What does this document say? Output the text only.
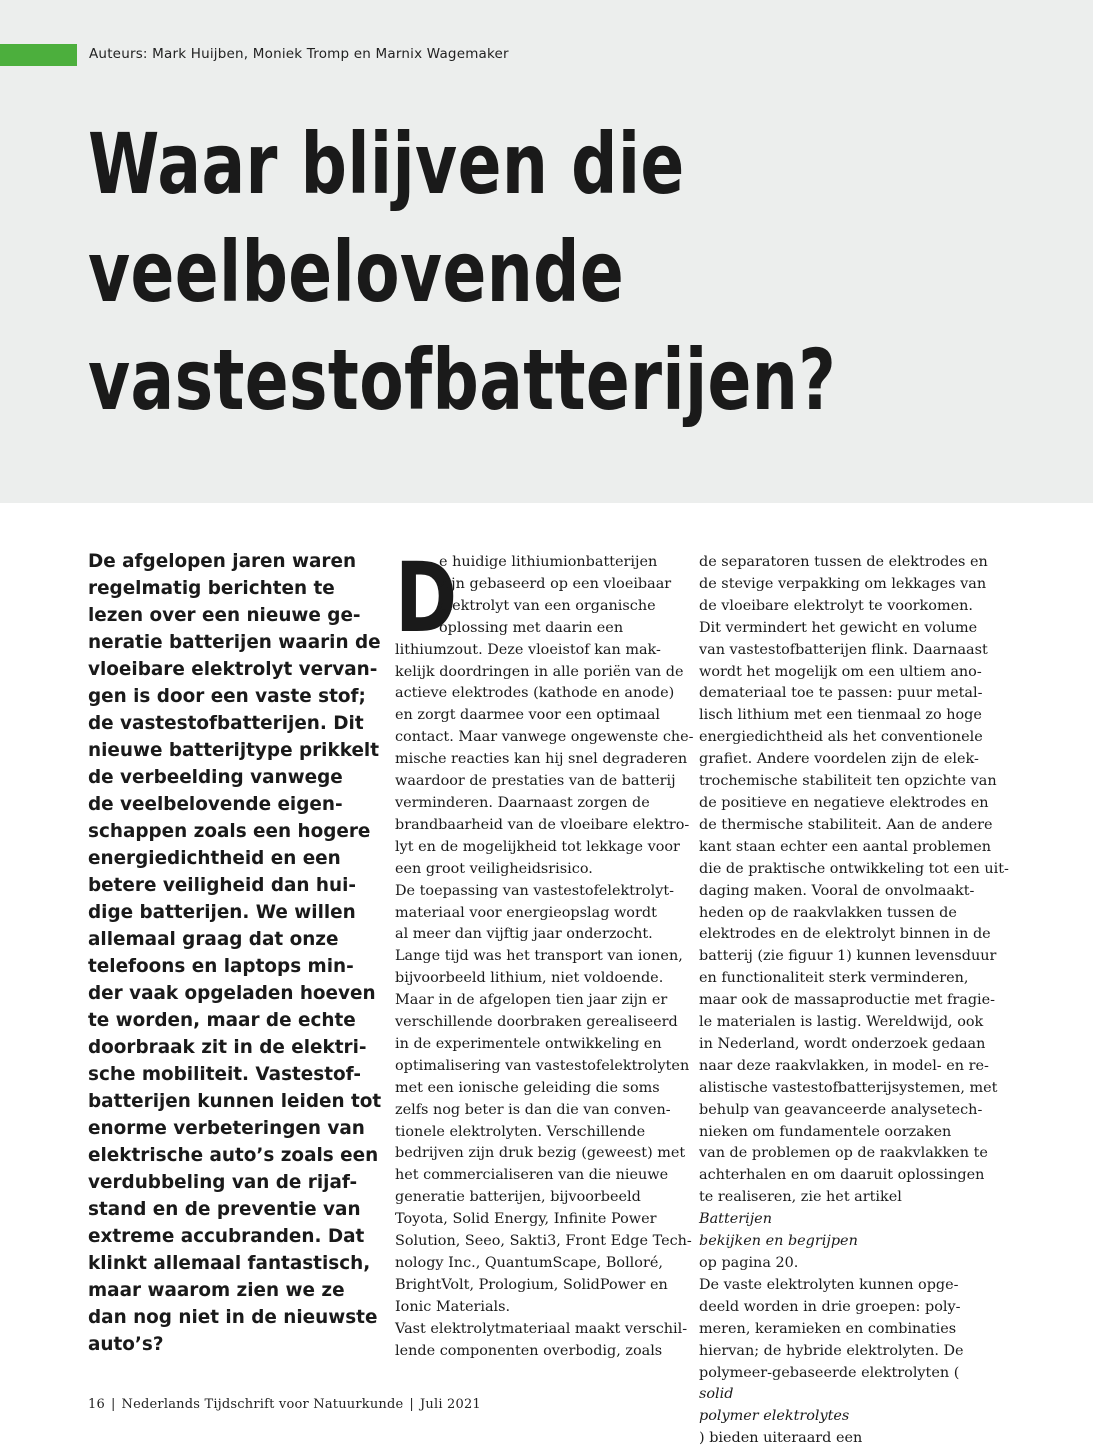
Auteurs: Mark Huijben, Moniek Tromp en Marnix Wagemaker
Waar blijven die
veelbelovende
vastestofbatterijen?
De afgelopen jaren waren
regelmatig berichten te
lezen over een nieuwe ge-
neratie batterijen waarin de
vloeibare elektrolyt vervan-
gen is door een vaste stof;
de vastestofbatterijen. Dit
nieuwe batterijtype prikkelt
de verbeelding vanwege
de veelbelovende eigen-
schappen zoals een hogere
energiedichtheid en een
betere veiligheid dan hui-
dige batterijen. We willen
allemaal graag dat onze
telefoons en laptops min-
der vaak opgeladen hoeven
te worden, maar de echte
doorbraak zit in de elektri-
sche mobiliteit. Vastestof-
batterijen kunnen leiden tot
enorme verbeteringen van
elektrische auto’s zoals een
verdubbeling van de rijaf-
stand en de preventie van
extreme accubranden. Dat
klinkt allemaal fantastisch,
maar waarom zien we ze
dan nog niet in de nieuwste
auto’s?
D
e huidige lithiumionbatterijen
zijn gebaseerd op een vloeibaar
elektrolyt van een organische
oplossing met daarin een
lithiumzout. Deze vloeistof kan mak-
kelijk doordringen in alle poriën van de
actieve elektrodes (kathode en anode)
en zorgt daarmee voor een optimaal
contact. Maar vanwege ongewenste che-
mische reacties kan hij snel degraderen
waardoor de prestaties van de batterij
verminderen. Daarnaast zorgen de
brandbaarheid van de vloeibare elektro-
lyt en de mogelijkheid tot lekkage voor
een groot veiligheidsrisico.
De toepassing van vastestofelektrolyt-
materiaal voor energieopslag wordt
al meer dan vijftig jaar onderzocht.
Lange tijd was het transport van ionen,
bijvoorbeeld lithium, niet voldoende.
Maar in de afgelopen tien jaar zijn er
verschillende doorbraken gerealiseerd
in de experimentele ontwikkeling en
optimalisering van vastestofelektrolyten
met een ionische geleiding die soms
zelfs nog beter is dan die van conven-
tionele elektrolyten. Verschillende
bedrijven zijn druk bezig (geweest) met
het commercialiseren van die nieuwe
generatie batterijen, bijvoorbeeld
Toyota, Solid Energy, Infinite Power
Solution, Seeo, Sakti3, Front Edge Tech-
nology Inc., QuantumScape, Bolloré,
BrightVolt, Prologium, SolidPower en
Ionic Materials.
Vast elektrolytmateriaal maakt verschil-
lende componenten overbodig, zoals
de separatoren tussen de elektrodes en
de stevige verpakking om lekkages van
de vloeibare elektrolyt te voorkomen.
Dit vermindert het gewicht en volume
van vastestofbatterijen flink. Daarnaast
wordt het mogelijk om een ultiem ano-
demateriaal toe te passen: puur metal-
lisch lithium met een tienmaal zo hoge
energiedichtheid als het conventionele
grafiet. Andere voordelen zijn de elek-
trochemische stabiliteit ten opzichte van
de positieve en negatieve elektrodes en
de thermische stabiliteit. Aan de andere
kant staan echter een aantal problemen
die de praktische ontwikkeling tot een uit-
daging maken. Vooral de onvolmaakt-
heden op de raakvlakken tussen de
elektrodes en de elektrolyt binnen in de
batterij (zie figuur 1) kunnen levensduur
en functionaliteit sterk verminderen,
maar ook de massaproductie met fragie-
le materialen is lastig. Wereldwijd, ook
in Nederland, wordt onderzoek gedaan
naar deze raakvlakken, in model- en re-
alistische vastestofbatterijsystemen, met
behulp van geavanceerde analysetech-
nieken om fundamentele oorzaken
van de problemen op de raakvlakken te
achterhalen en om daaruit oplossingen
te realiseren, zie het artikel
Batterijen
bekijken en begrijpen
op pagina 20.
De vaste elektrolyten kunnen opge-
deeld worden in drie groepen: poly-
meren, keramieken en combinaties
hiervan; de hybride elektrolyten. De
polymeer-gebaseerde elektrolyten (
solid
polymer elektrolytes
) bieden uiteraard een
16 | Nederlands Tijdschrift voor Natuurkunde | Juli 2021
